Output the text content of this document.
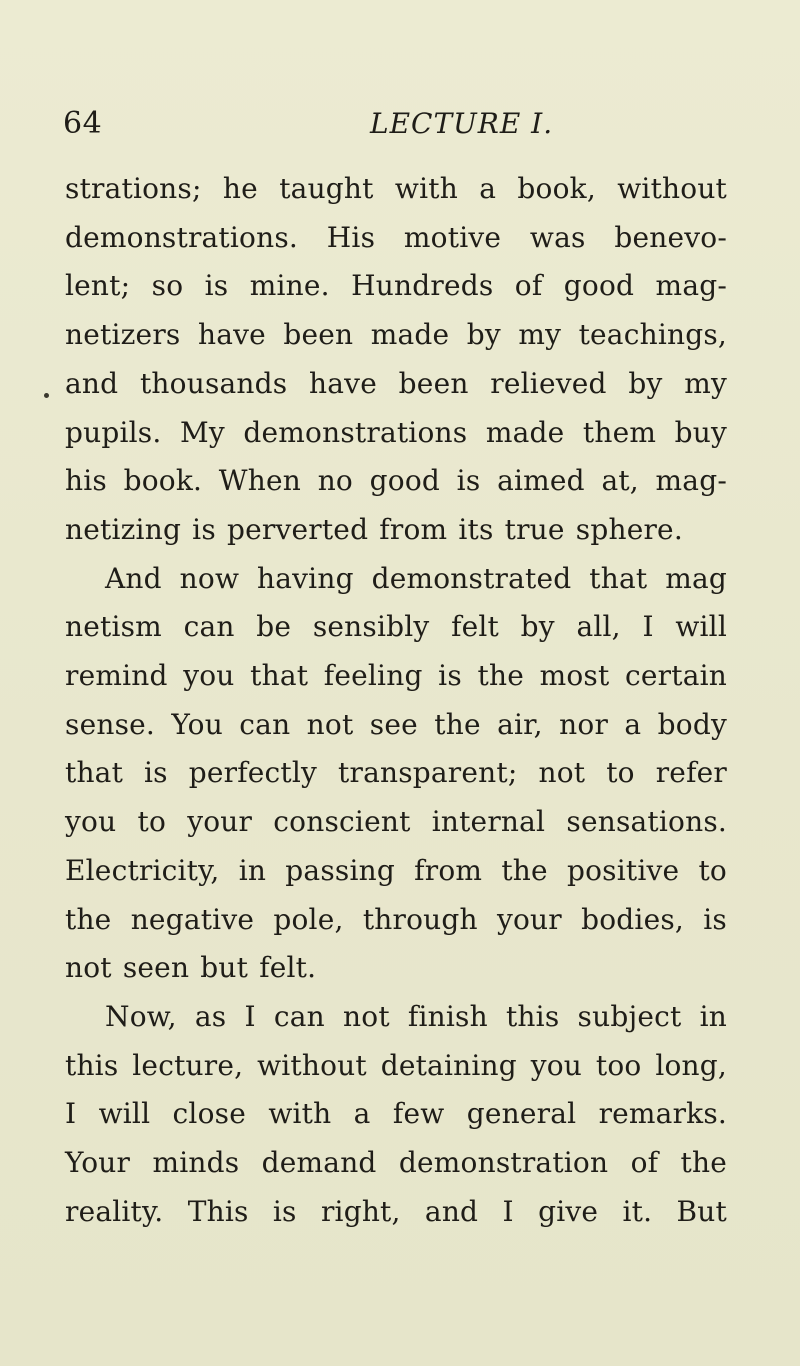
64	LECTURE I.
strations; he taught with a book, without
demonstrations. His motive was benevo-
lent; so is mine. Hundreds of good mag-
netizers have been made by my teachings,
and thousands have been relieved by my
pupils. My demonstrations made them buy
his book. When no good is aimed at, mag-
netizing is perverted from its true sphere.
And now having demonstrated that mag
netism can be sensibly felt by all, I will
remind you that feeling is the most certain
sense. You can not see the air, nor a body
that is perfectly transparent; not to refer
you to your conscient internal sensations.
Electricity, in passing from the positive to
the negative pole, through your bodies, is
not seen but felt.
Now, as I can not finish this subject in
this lecture, without detaining you too long,
I will close with a few general remarks.
Your minds demand demonstration of the
reality. This is right, and I give it. But
